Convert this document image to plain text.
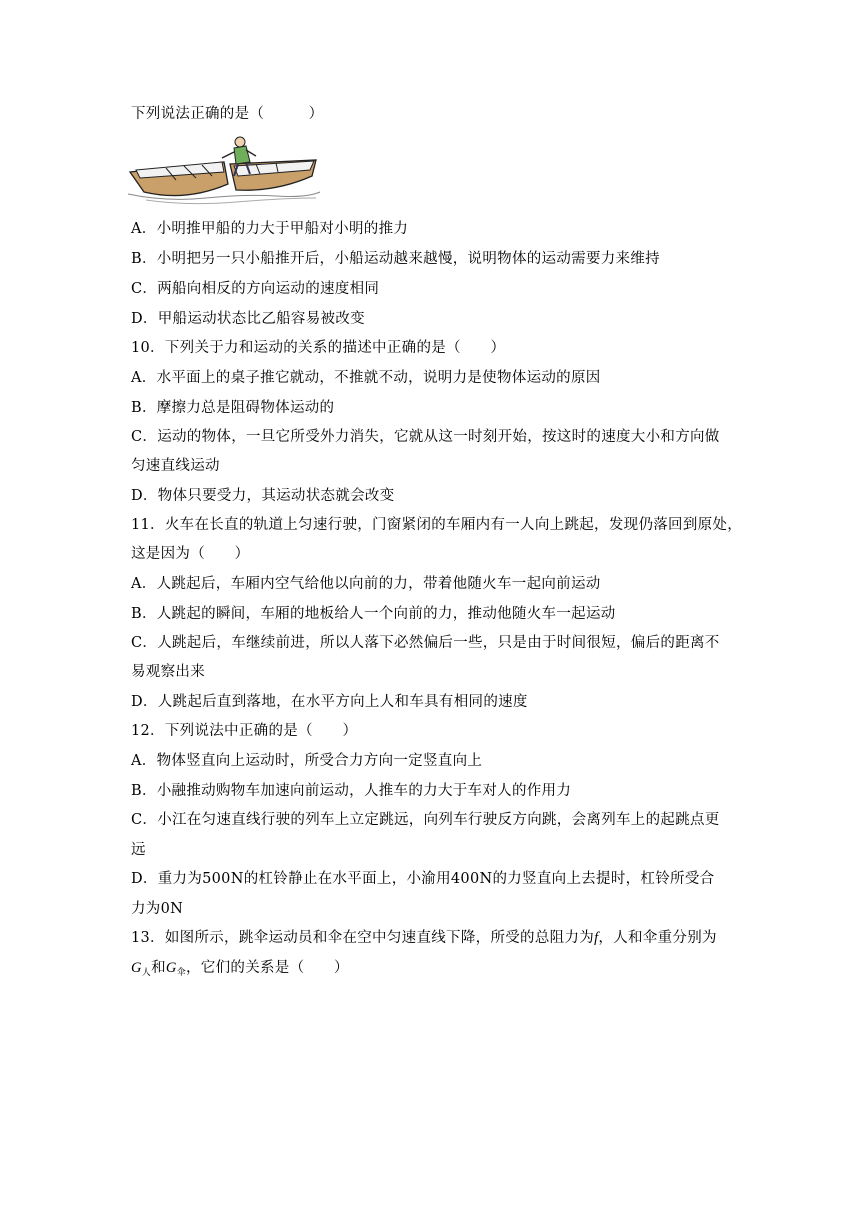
下列说法正确的是（　　　）
A．小明推甲船的力大于甲船对小明的推力
B．小明把另一只小船推开后，小船运动越来越慢，说明物体的运动需要力来维持
C．两船向相反的方向运动的速度相同
D．甲船运动状态比乙船容易被改变
10．下列关于力和运动的关系的描述中正确的是（　　）
A．水平面上的桌子推它就动，不推就不动，说明力是使物体运动的原因
B．摩擦力总是阻碍物体运动的
C．运动的物体，一旦它所受外力消失，它就从这一时刻开始，按这时的速度大小和方向做
匀速直线运动
D．物体只要受力，其运动状态就会改变
11．火车在长直的轨道上匀速行驶，门窗紧闭的车厢内有一人向上跳起，发现仍落回到原处，
这是因为（　　）
A．人跳起后，车厢内空气给他以向前的力，带着他随火车一起向前运动
B．人跳起的瞬间，车厢的地板给人一个向前的力，推动他随火车一起运动
C．人跳起后，车继续前进，所以人落下必然偏后一些，只是由于时间很短，偏后的距离不
易观察出来
D．人跳起后直到落地，在水平方向上人和车具有相同的速度
12．下列说法中正确的是（　　）
A．物体竖直向上运动时，所受合力方向一定竖直向上
B．小融推动购物车加速向前运动，人推车的力大于车对人的作用力
C．小江在匀速直线行驶的列车上立定跳远，向列车行驶反方向跳，会离列车上的起跳点更
远
D．重力为500N的杠铃静止在水平面上，小渝用400N的力竖直向上去提时，杠铃所受合
力为0N
13．如图所示，跳伞运动员和伞在空中匀速直线下降，所受的总阻力为f，人和伞重分别为
$G_人$和$G_伞$，它们的关系是（　　）
